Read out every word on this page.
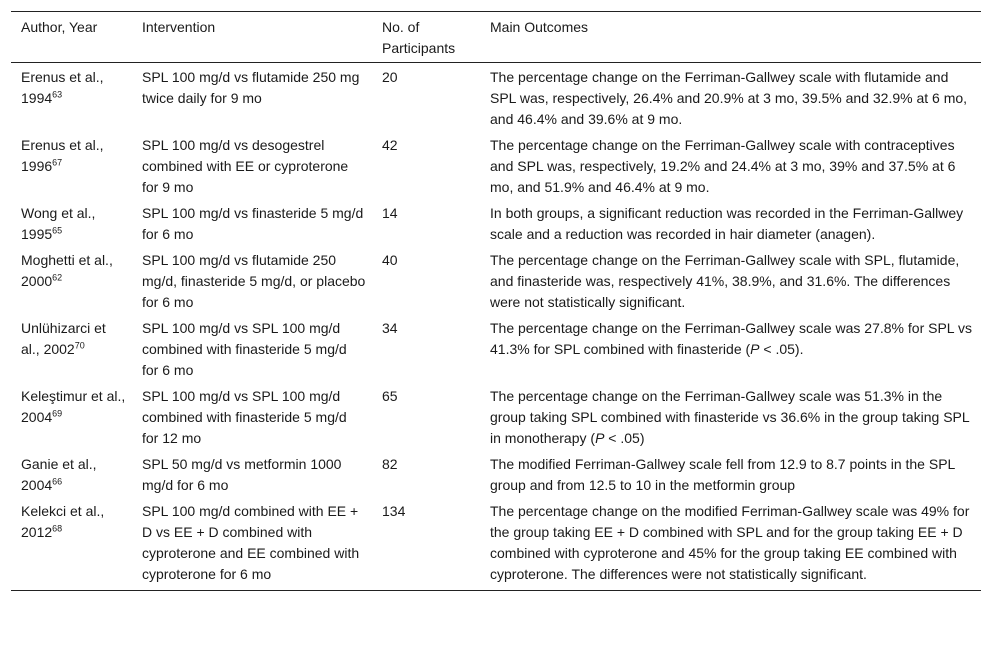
Author, Year	Intervention	No. of Participants	Main Outcomes
Erenus et al., 1994$^{63}$	SPL 100 mg/d vs flutamide 250 mg twice daily for 9 mo	20	The percentage change on the Ferriman-Gallwey scale with flutamide and SPL was, respectively, 26.4% and 20.9% at 3 mo, 39.5% and 32.9% at 6 mo, and 46.4% and 39.6% at 9 mo.
Erenus et al., 1996$^{67}$	SPL 100 mg/d vs desogestrel combined with EE or cyproterone for 9 mo	42	The percentage change on the Ferriman-Gallwey scale with contraceptives and SPL was, respectively, 19.2% and 24.4% at 3 mo, 39% and 37.5% at 6 mo, and 51.9% and 46.4% at 9 mo.
Wong et al., 1995$^{65}$	SPL 100 mg/d vs finasteride 5 mg/d for 6 mo	14	In both groups, a significant reduction was recorded in the Ferriman-Gallwey scale and a reduction was recorded in hair diameter (anagen).
Moghetti et al., 2000$^{62}$	SPL 100 mg/d vs flutamide 250 mg/d, finasteride 5 mg/d, or placebo for 6 mo	40	The percentage change on the Ferriman-Gallwey scale with SPL, flutamide, and finasteride was, respectively 41%, 38.9%, and 31.6%. The differences were not statistically significant.
Unlühizarci et al., 2002$^{70}$	SPL 100 mg/d vs SPL 100 mg/d combined with finasteride 5 mg/d for 6 mo	34	The percentage change on the Ferriman-Gallwey scale was 27.8% for SPL vs 41.3% for SPL combined with finasteride (P < .05).
Keleştimur et al., 2004$^{69}$	SPL 100 mg/d vs SPL 100 mg/d combined with finasteride 5 mg/d for 12 mo	65	The percentage change on the Ferriman-Gallwey scale was 51.3% in the group taking SPL combined with finasteride vs 36.6% in the group taking SPL in monotherapy (P < .05)
Ganie et al., 2004$^{66}$	SPL 50 mg/d vs metformin 1000 mg/d for 6 mo	82	The modified Ferriman-Gallwey scale fell from 12.9 to 8.7 points in the SPL group and from 12.5 to 10 in the metformin group
Kelekci et al., 2012$^{68}$	SPL 100 mg/d combined with EE + D vs EE + D combined with cyproterone and EE combined with cyproterone for 6 mo	134	The percentage change on the modified Ferriman-Gallwey scale was 49% for the group taking EE + D combined with SPL and for the group taking EE + D combined with cyproterone and 45% for the group taking EE combined with cyproterone. The differences were not statistically significant.
